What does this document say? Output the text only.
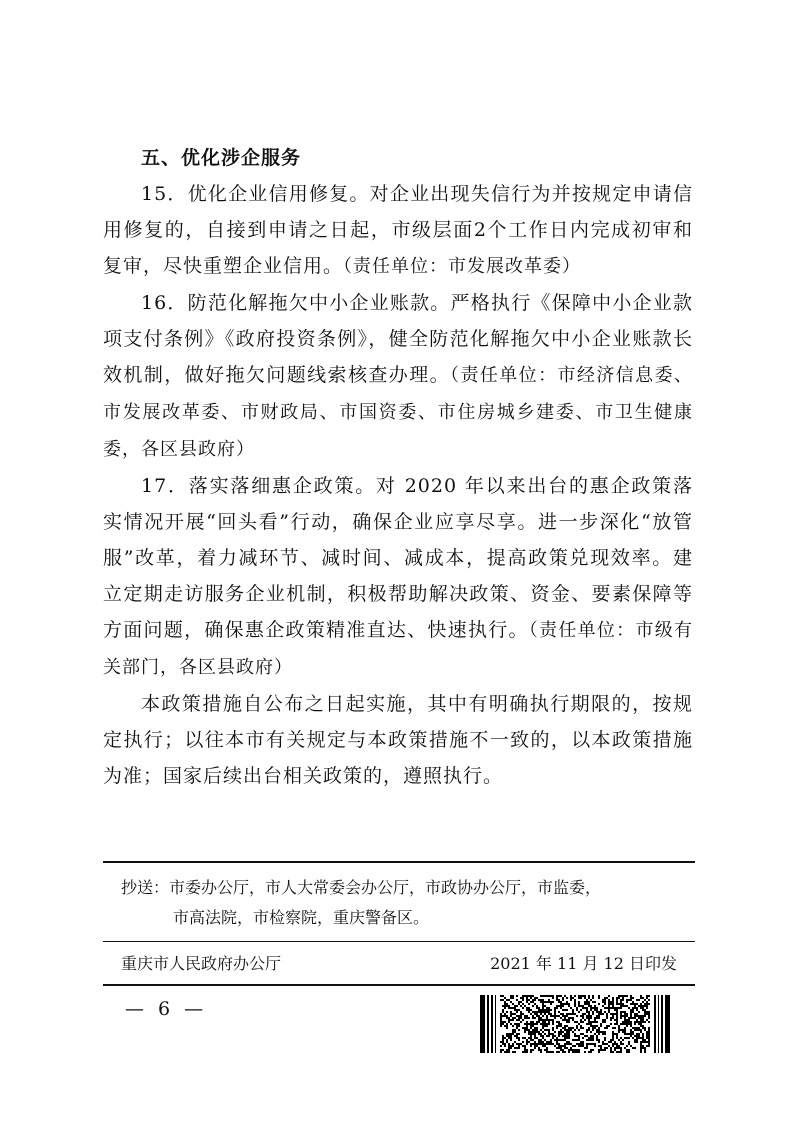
五、优化涉企服务

15．优化企业信用修复。对企业出现失信行为并按规定申请信用修复的，自接到申请之日起，市级层面2个工作日内完成初审和复审，尽快重塑企业信用。（责任单位：市发展改革委）

16．防范化解拖欠中小企业账款。严格执行《保障中小企业款项支付条例》《政府投资条例》，健全防范化解拖欠中小企业账款长效机制，做好拖欠问题线索核查办理。（责任单位：市经济信息委、市发展改革委、市财政局、市国资委、市住房城乡建委、市卫生健康委，各区县政府）

17．落实落细惠企政策。对 2020 年以来出台的惠企政策落实情况开展“回头看”行动，确保企业应享尽享。进一步深化“放管服”改革，着力减环节、减时间、减成本，提高政策兑现效率。建立定期走访服务企业机制，积极帮助解决政策、资金、要素保障等方面问题，确保惠企政策精准直达、快速执行。（责任单位：市级有关部门，各区县政府）

本政策措施自公布之日起实施，其中有明确执行期限的，按规定执行；以往本市有关规定与本政策措施不一致的，以本政策措施为准；国家后续出台相关政策的，遵照执行。

抄送：市委办公厅，市人大常委会办公厅，市政协办公厅，市监委，

市高法院，市检察院，重庆警备区。

重庆市人民政府办公厅	2021 年 11 月 12 日印发
— 6 —
